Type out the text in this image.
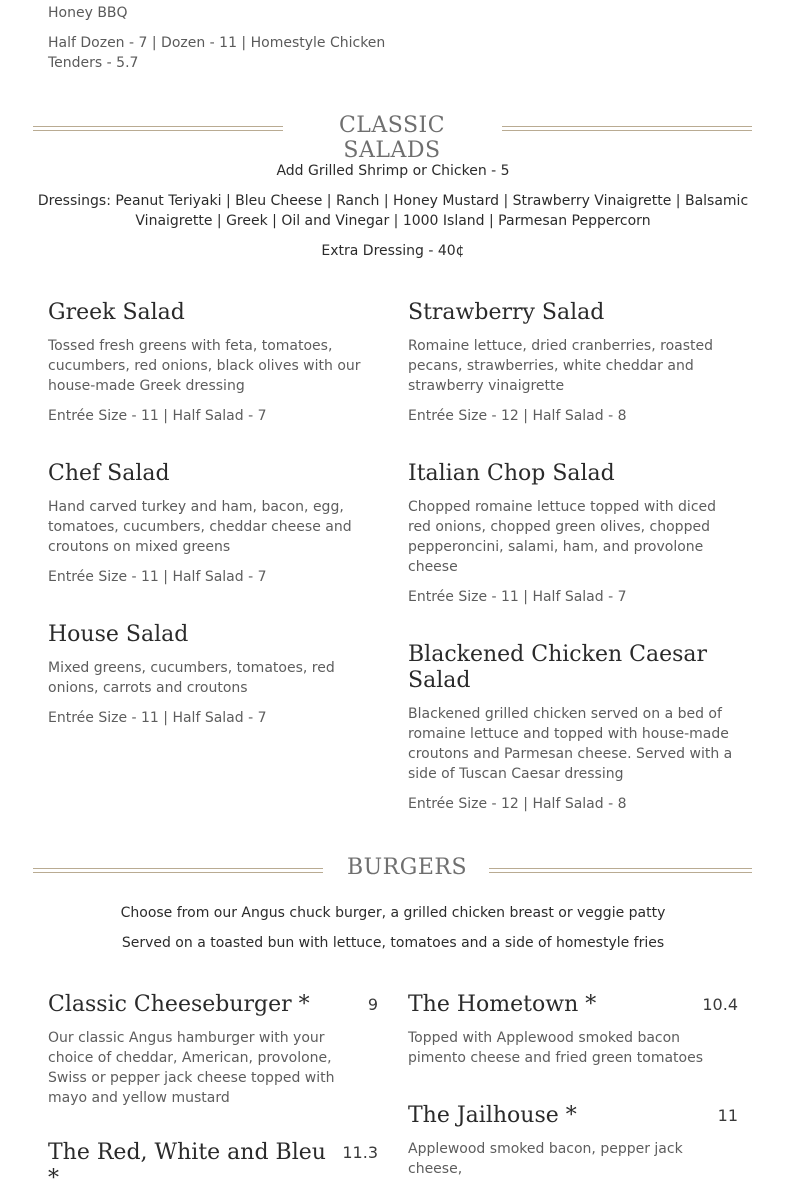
Honey BBQ
Half Dozen - 7 | Dozen - 11 | Homestyle Chicken Tenders - 5.7
CLASSIC SALADS
Add Grilled Shrimp or Chicken - 5
Dressings: Peanut Teriyaki | Bleu Cheese | Ranch | Honey Mustard | Strawberry Vinaigrette | Balsamic Vinaigrette | Greek | Oil and Vinegar | 1000 Island | Parmesan Peppercorn
Extra Dressing - 40¢
Greek Salad
Tossed fresh greens with feta, tomatoes, cucumbers, red onions, black olives with our house-made Greek dressing
Entrée Size - 11 | Half Salad - 7
Chef Salad
Hand carved turkey and ham, bacon, egg, tomatoes, cucumbers, cheddar cheese and croutons on mixed greens
Entrée Size - 11 | Half Salad - 7
House Salad
Mixed greens, cucumbers, tomatoes, red onions, carrots and croutons
Entrée Size - 11 | Half Salad - 7
Strawberry Salad
Romaine lettuce, dried cranberries, roasted pecans, strawberries, white cheddar and strawberry vinaigrette
Entrée Size - 12 | Half Salad - 8
Italian Chop Salad
Chopped romaine lettuce topped with diced red onions, chopped green olives, chopped pepperoncini, salami, ham, and provolone cheese
Entrée Size - 11 | Half Salad - 7
Blackened Chicken Caesar Salad
Blackened grilled chicken served on a bed of romaine lettuce and topped with house-made croutons and Parmesan cheese. Served with a side of Tuscan Caesar dressing
Entrée Size - 12 | Half Salad - 8
BURGERS
Choose from our Angus chuck burger, a grilled chicken breast or veggie patty
Served on a toasted bun with lettuce, tomatoes and a side of homestyle fries
Classic Cheeseburger *	9
Our classic Angus hamburger with your choice of cheddar, American, provolone, Swiss or pepper jack cheese topped with mayo and yellow mustard
The Hometown *	10.4
Topped with Applewood smoked bacon pimento cheese and fried green tomatoes
The Jailhouse *	11
Applewood smoked bacon, pepper jack cheese,
The Red, White and Bleu *
11.3
